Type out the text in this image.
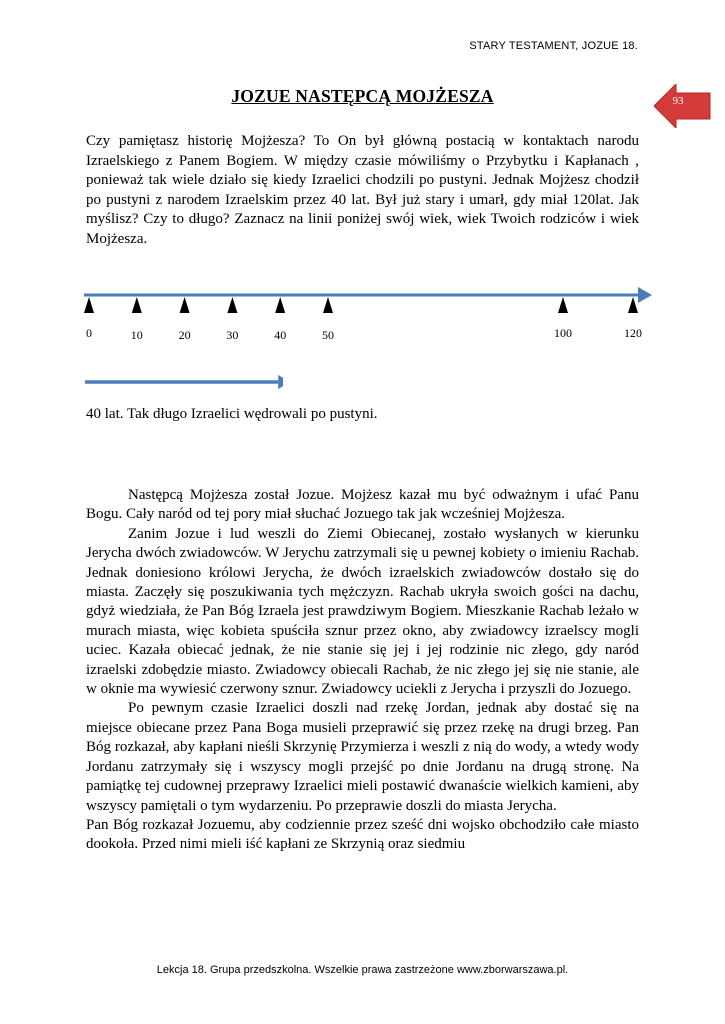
STARY TESTAMENT, JOZUE 18.
JOZUE NASTĘPCĄ MOJŻESZA	93

Czy pamiętasz historię Mojżesza? To On był główną postacią w kontaktach narodu Izraelskiego z Panem Bogiem. W między czasie mówiliśmy o Przybytku i Kapłanach , ponieważ tak wiele działo się kiedy Izraelici chodzili po pustyni. Jednak Mojżesz chodził po pustyni z narodem Izraelskim przez 40 lat. Był już stary i umarł, gdy miał 120lat. Jak myślisz? Czy to długo? Zaznacz na linii poniżej swój wiek, wiek Twoich rodziców i wiek Mojżesza.

0	10	20	30	40	50	100	120
40 lat. Tak długo Izraelici wędrowali po pustyni.

Następcą Mojżesza został Jozue. Mojżesz kazał mu być odważnym i ufać Panu Bogu. Cały naród od tej pory miał słuchać Jozuego tak jak wcześniej Mojżesza.

Zanim Jozue i lud weszli do Ziemi Obiecanej, zostało wysłanych w kierunku Jerycha dwóch zwiadowców. W Jerychu zatrzymali się u pewnej kobiety o imieniu Rachab. Jednak doniesiono królowi Jerycha, że dwóch izraelskich zwiadowców dostało się do miasta. Zaczęły się poszukiwania tych mężczyzn. Rachab ukryła swoich gości na dachu, gdyż wiedziała, że Pan Bóg Izraela jest prawdziwym Bogiem. Mieszkanie Rachab leżało w murach miasta, więc kobieta spuściła sznur przez okno, aby zwiadowcy izraelscy mogli uciec. Kazała obiecać jednak, że nie stanie się jej i jej rodzinie nic złego, gdy naród izraelski zdobędzie miasto. Zwiadowcy obiecali Rachab, że nic złego jej się nie stanie, ale w oknie ma wywiesić czerwony sznur. Zwiadowcy uciekli z Jerycha i przyszli do Jozuego.

Po pewnym czasie Izraelici doszli nad rzekę Jordan, jednak aby dostać się na miejsce obiecane przez Pana Boga musieli przeprawić się przez rzekę na drugi brzeg. Pan Bóg rozkazał, aby kapłani nieśli Skrzynię Przymierza i weszli z nią do wody, a wtedy wody Jordanu zatrzymały się i wszyscy mogli przejść po dnie Jordanu na drugą stronę. Na pamiątkę tej cudownej przeprawy Izraelici mieli postawić dwanaście wielkich kamieni, aby wszyscy pamiętali o tym wydarzeniu. Po przeprawie doszli do miasta Jerycha.

Pan Bóg rozkazał Jozuemu, aby codziennie przez sześć dni wojsko obchodziło całe miasto dookoła. Przed nimi mieli iść kapłani ze Skrzynią oraz siedmiu

Lekcja 18. Grupa przedszkolna. Wszelkie prawa zastrzeżone www.zborwarszawa.pl.
